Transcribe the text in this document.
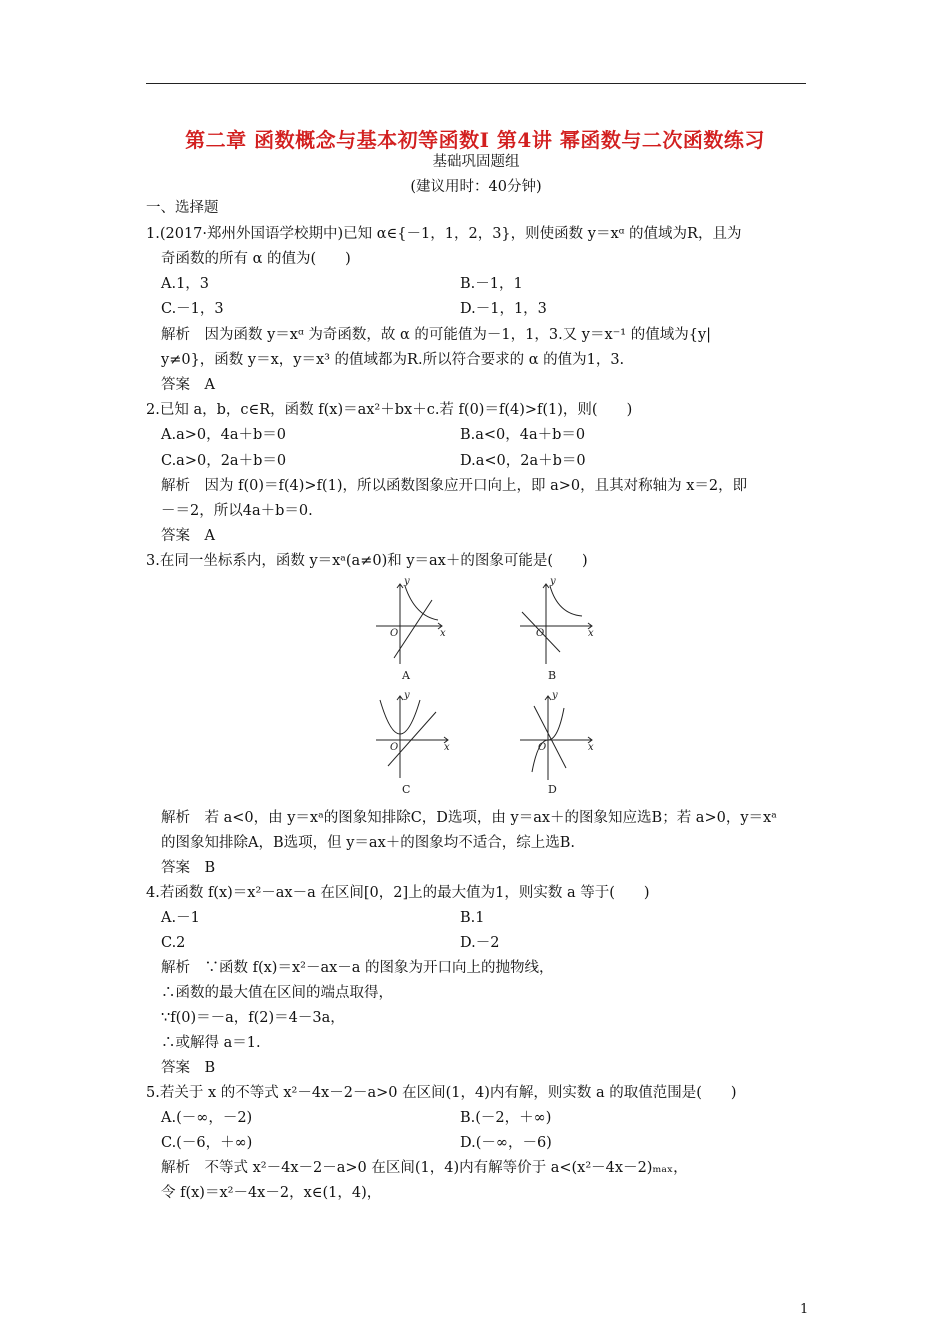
第二章 函数概念与基本初等函数Ⅰ 第4讲 幂函数与二次函数练习
基础巩固题组
(建议用时：40分钟)
一、选择题
1.(2017·郑州外国语学校期中)已知 α∈{－1，1，2，3}，则使函数 y＝xᵅ 的值域为R，且为
奇函数的所有 α 的值为(　　)
A.1，3	B.－1，1
C.－1，3	D.－1，1，3
解析　因为函数 y＝xᵅ 为奇函数，故 α 的可能值为－1，1，3.又 y＝x⁻¹ 的值域为{y|
y≠0}，函数 y＝x，y＝x³ 的值域都为R.所以符合要求的 α 的值为1，3.
答案　A
2.已知 a，b，c∈R，函数 f(x)＝ax²＋bx＋c.若 f(0)＝f(4)>f(1)，则(　　)
A.a>0，4a＋b＝0	B.a<0，4a＋b＝0
C.a>0，2a＋b＝0	D.a<0，2a＋b＝0
解析　因为 f(0)＝f(4)>f(1)，所以函数图象应开口向上，即 a>0，且其对称轴为 x＝2，即
－＝2，所以4a＋b＝0.
答案　A
3.在同一坐标系内，函数 y＝xᵃ(a≠0)和 y＝ax＋的图象可能是(　　)
y
x
O
y
x
O
y
x
O
y
x
O
A	B
C	D
解析　若 a<0，由 y＝xᵃ的图象知排除C，D选项，由 y＝ax＋的图象知应选B；若 a>0，y＝xᵃ
的图象知排除A，B选项，但 y＝ax＋的图象均不适合，综上选B.
答案　B
4.若函数 f(x)＝x²－ax－a 在区间[0，2]上的最大值为1，则实数 a 等于(　　)
A.－1	B.1
C.2	D.－2
解析　∵函数 f(x)＝x²－ax－a 的图象为开口向上的抛物线，
∴函数的最大值在区间的端点取得，
∵f(0)＝－a，f(2)＝4－3a，
∴或解得 a＝1.
答案　B
5.若关于 x 的不等式 x²－4x－2－a>0 在区间(1，4)内有解，则实数 a 的取值范围是(　　)
A.(－∞，－2)	B.(－2，＋∞)
C.(－6，＋∞)	D.(－∞，－6)
解析　不等式 x²－4x－2－a>0 在区间(1，4)内有解等价于 a<(x²－4x－2)ₘₐₓ，
令 f(x)＝x²－4x－2，x∈(1，4)，
1
